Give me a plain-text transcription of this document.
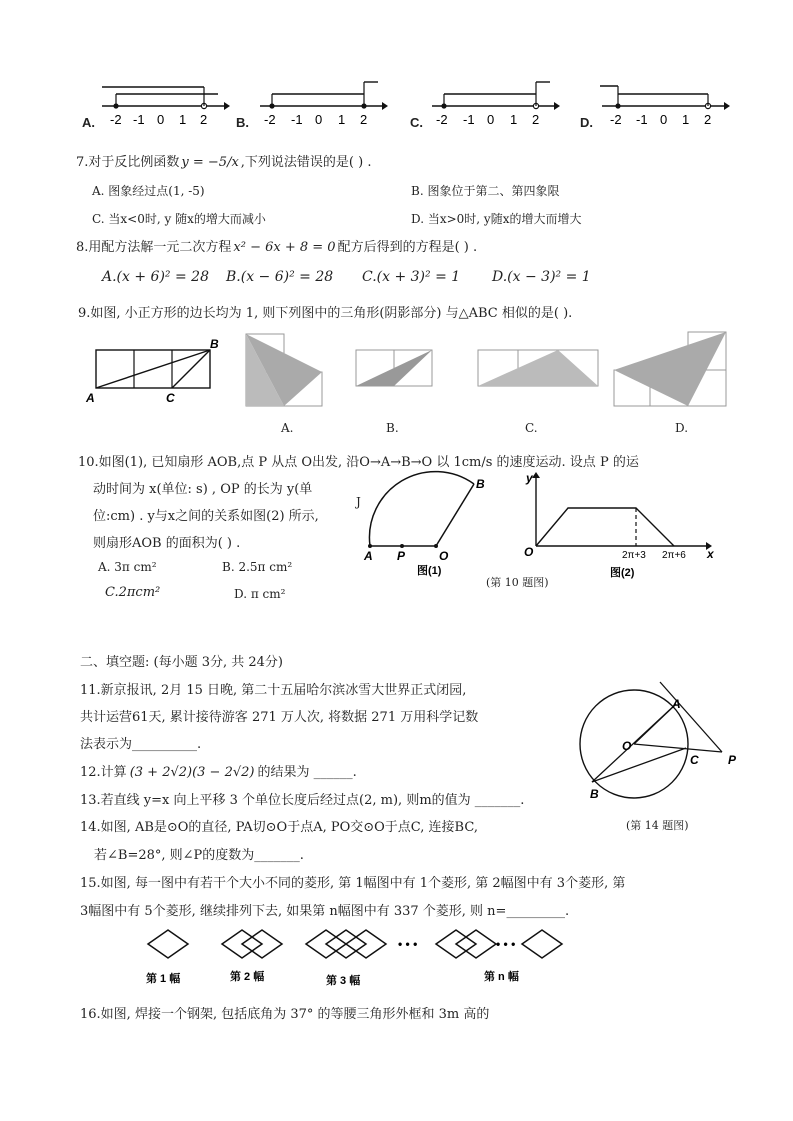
A. -2 -1 0 1 2 B. -2 -1 0 1 2	C. -2 -1 0 1 2	D. -2 -1 0 1 2
7.对于反比例函数 y = −5/x ,下列说法错误的是( ) .
A. 图象经过点(1, -5)	B. 图象位于第二、第四象限
C. 当x<0时, y 随x的增大而减小	D. 当x>0时, y随x的增大而增大
8.用配方法解一元二次方程 x² − 6x + 8 = 0 配方后得到的方程是( ) .
A.(x + 6)² = 28 B.(x − 6)² = 28 C.(x + 3)² = 1 D.(x − 3)² = 1
9.如图, 小正方形的边长均为 1, 则下列图中的三角形(阴影部分) 与△ABC 相似的是( ).
A	C
B
A.	B.	C.	D.
10.如图(1), 已知扇形 AOB,点 P 从点 O出发, 沿O→A→B→O 以 1cm/s 的速度运动. 设点 P 的运
动时间为 x(单位: s) , OP 的长为 y(单
位:cm) . y与x之间的关系如图(2) 所示,
则扇形AOB 的面积为( ) .
A. 3π cm²	B. 2.5π cm²
C.2πcm²	D. π cm²
A P	O
B
图(1)
J
y
x
O	2π+3 2π+6
图(2)
(第 10 题图)
二、填空题: (每小题 3分, 共 24分)
11.新京报讯, 2月 15 日晚, 第二十五届哈尔滨冰雪大世界正式闭园,
共计运营61天, 累计接待游客 271 万人次, 将数据 271 万用科学记数
法表示为__________.
12.计算 (3 + 2√2)(3 − 2√2) 的结果为 ______.
13.若直线 y=x 向上平移 3 个单位长度后经过点(2, m), 则m的值为 _______.
14.如图, AB是⊙O的直径, PA切⊙O于点A, PO交⊙O于点C, 连接BC,
若∠B=28°, 则∠P的度数为_______.
A
O
C P
B
(第 14 题图)
15.如图, 每一图中有若干个大小不同的菱形, 第 1幅图中有 1个菱形, 第 2幅图中有 3个菱形, 第
3幅图中有 5个菱形, 继续排列下去, 如果第 n幅图中有 337 个菱形, 则 n=_________.
• • •	• • •
第 1 幅	第 2 幅	第 3 幅	第 n 幅
16.如图, 焊接一个钢架, 包括底角为 37° 的等腰三角形外框和 3m 高的
